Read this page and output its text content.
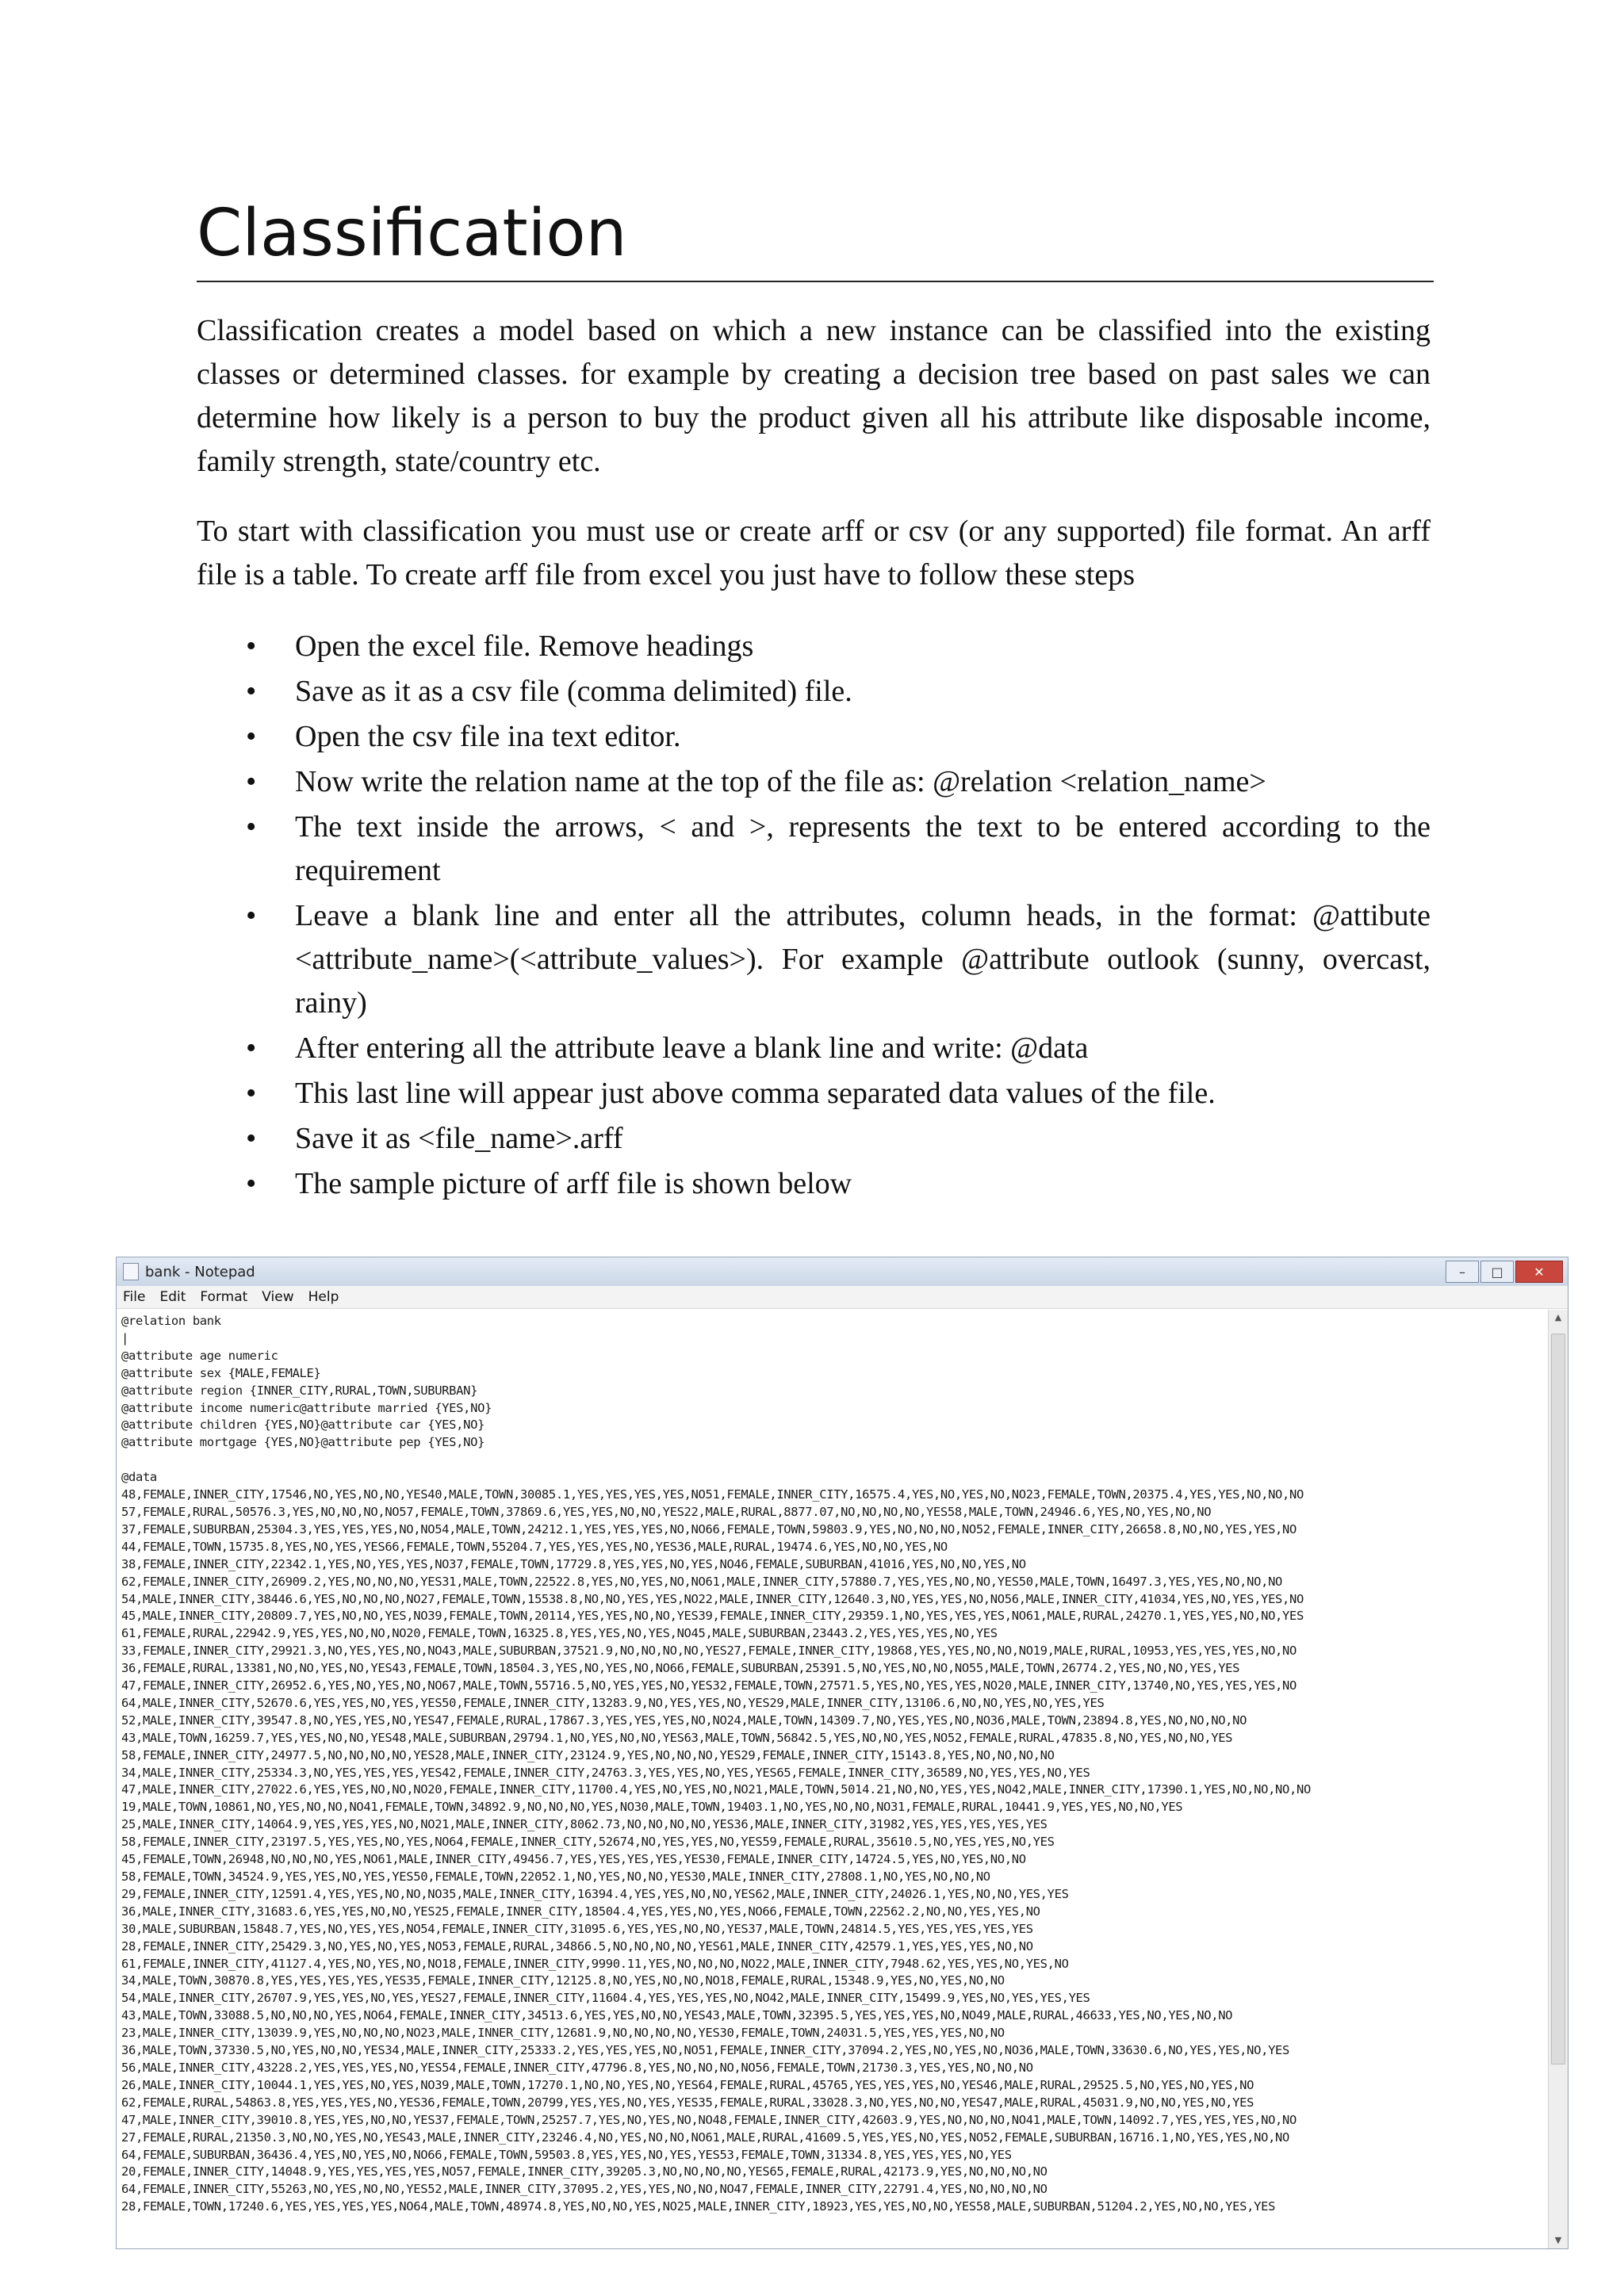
Classification

Classification creates a model based on which a new instance can be classified into the existing classes or determined classes. for example by creating a decision tree based on past sales we can determine how likely is a person to buy the product given all his attribute like disposable income, family strength, state/country etc.

To start with classification you must use or create arff or csv (or any supported) file format. An arff file is a table. To create arff file from excel you just have to follow these steps

• Open the excel file. Remove headings
• Save as it as a csv file (comma delimited) file.
• Open the csv file ina text editor.
• Now write the relation name at the top of the file as: @relation <relation_name>
• The text inside the arrows, < and >, represents the text to be entered according to the requirement
• Leave a blank line and enter all the attributes, column heads, in the format: @attibute <attribute_name>(<attribute_values>). For example @attribute outlook (sunny, overcast, rainy)
• After entering all the attribute leave a blank line and write: @data
• This last line will appear just above comma separated data values of the file.
• Save it as <file_name>.arff
• The sample picture of arff file is shown below
bank - Notepad	–	□	✕
File Edit Format View Help
@relation bank
|
@attribute age numeric
@attribute sex {MALE,FEMALE}
@attribute region {INNER_CITY,RURAL,TOWN,SUBURBAN}
@attribute income numeric@attribute married {YES,NO}
@attribute children {YES,NO}@attribute car {YES,NO}
@attribute mortgage {YES,NO}@attribute pep {YES,NO}

@data
48,FEMALE,INNER_CITY,17546,NO,YES,NO,NO,YES40,MALE,TOWN,30085.1,YES,YES,YES,YES,NO51,FEMALE,INNER_CITY,16575.4,YES,NO,YES,NO,NO23,FEMALE,TOWN,20375.4,YES,YES,NO,NO,NO
57,FEMALE,RURAL,50576.3,YES,NO,NO,NO,NO57,FEMALE,TOWN,37869.6,YES,YES,NO,NO,YES22,MALE,RURAL,8877.07,NO,NO,NO,NO,YES58,MALE,TOWN,24946.6,YES,NO,YES,NO,NO
37,FEMALE,SUBURBAN,25304.3,YES,YES,YES,NO,NO54,MALE,TOWN,24212.1,YES,YES,YES,NO,NO66,FEMALE,TOWN,59803.9,YES,NO,NO,NO,NO52,FEMALE,INNER_CITY,26658.8,NO,NO,YES,YES,NO
44,FEMALE,TOWN,15735.8,YES,NO,YES,YES66,FEMALE,TOWN,55204.7,YES,YES,YES,NO,YES36,MALE,RURAL,19474.6,YES,NO,NO,YES,NO
38,FEMALE,INNER_CITY,22342.1,YES,NO,YES,YES,NO37,FEMALE,TOWN,17729.8,YES,YES,NO,YES,NO46,FEMALE,SUBURBAN,41016,YES,NO,NO,YES,NO
62,FEMALE,INNER_CITY,26909.2,YES,NO,NO,NO,YES31,MALE,TOWN,22522.8,YES,NO,YES,NO,NO61,MALE,INNER_CITY,57880.7,YES,YES,NO,NO,YES50,MALE,TOWN,16497.3,YES,YES,NO,NO,NO
54,MALE,INNER_CITY,38446.6,YES,NO,NO,NO,NO27,FEMALE,TOWN,15538.8,NO,NO,YES,YES,NO22,MALE,INNER_CITY,12640.3,NO,YES,YES,NO,NO56,MALE,INNER_CITY,41034,YES,NO,YES,YES,NO
45,MALE,INNER_CITY,20809.7,YES,NO,NO,YES,NO39,FEMALE,TOWN,20114,YES,YES,NO,NO,YES39,FEMALE,INNER_CITY,29359.1,NO,YES,YES,YES,NO61,MALE,RURAL,24270.1,YES,YES,NO,NO,YES
61,FEMALE,RURAL,22942.9,YES,YES,NO,NO,NO20,FEMALE,TOWN,16325.8,YES,YES,NO,YES,NO45,MALE,SUBURBAN,23443.2,YES,YES,YES,NO,YES
33,FEMALE,INNER_CITY,29921.3,NO,YES,YES,NO,NO43,MALE,SUBURBAN,37521.9,NO,NO,NO,NO,YES27,FEMALE,INNER_CITY,19868,YES,YES,NO,NO,NO19,MALE,RURAL,10953,YES,YES,YES,NO,NO
36,FEMALE,RURAL,13381,NO,NO,YES,NO,YES43,FEMALE,TOWN,18504.3,YES,NO,YES,NO,NO66,FEMALE,SUBURBAN,25391.5,NO,YES,NO,NO,NO55,MALE,TOWN,26774.2,YES,NO,NO,YES,YES
47,FEMALE,INNER_CITY,26952.6,YES,NO,YES,NO,NO67,MALE,TOWN,55716.5,NO,YES,YES,NO,YES32,FEMALE,TOWN,27571.5,YES,NO,YES,YES,NO20,MALE,INNER_CITY,13740,NO,YES,YES,YES,NO
64,MALE,INNER_CITY,52670.6,YES,YES,NO,YES,YES50,FEMALE,INNER_CITY,13283.9,NO,YES,YES,NO,YES29,MALE,INNER_CITY,13106.6,NO,NO,YES,NO,YES,YES
52,MALE,INNER_CITY,39547.8,NO,YES,YES,NO,YES47,FEMALE,RURAL,17867.3,YES,YES,YES,NO,NO24,MALE,TOWN,14309.7,NO,YES,YES,NO,NO36,MALE,TOWN,23894.8,YES,NO,NO,NO,NO
43,MALE,TOWN,16259.7,YES,YES,NO,NO,YES48,MALE,SUBURBAN,29794.1,NO,YES,NO,NO,YES63,MALE,TOWN,56842.5,YES,NO,NO,YES,NO52,FEMALE,RURAL,47835.8,NO,YES,NO,NO,YES
58,FEMALE,INNER_CITY,24977.5,NO,NO,NO,NO,YES28,MALE,INNER_CITY,23124.9,YES,NO,NO,NO,YES29,FEMALE,INNER_CITY,15143.8,YES,NO,NO,NO,NO
34,MALE,INNER_CITY,25334.3,NO,YES,YES,YES,YES42,FEMALE,INNER_CITY,24763.3,YES,YES,NO,YES,YES65,FEMALE,INNER_CITY,36589,NO,YES,YES,NO,YES
47,MALE,INNER_CITY,27022.6,YES,YES,NO,NO,NO20,FEMALE,INNER_CITY,11700.4,YES,NO,YES,NO,NO21,MALE,TOWN,5014.21,NO,NO,YES,YES,NO42,MALE,INNER_CITY,17390.1,YES,NO,NO,NO,NO
19,MALE,TOWN,10861,NO,YES,NO,NO,NO41,FEMALE,TOWN,34892.9,NO,NO,NO,YES,NO30,MALE,TOWN,19403.1,NO,YES,NO,NO,NO31,FEMALE,RURAL,10441.9,YES,YES,NO,NO,YES
25,MALE,INNER_CITY,14064.9,YES,YES,YES,NO,NO21,MALE,INNER_CITY,8062.73,NO,NO,NO,NO,YES36,MALE,INNER_CITY,31982,YES,YES,YES,YES,YES
58,FEMALE,INNER_CITY,23197.5,YES,YES,NO,YES,NO64,FEMALE,INNER_CITY,52674,NO,YES,YES,NO,YES59,FEMALE,RURAL,35610.5,NO,YES,YES,NO,YES
45,FEMALE,TOWN,26948,NO,NO,NO,YES,NO61,MALE,INNER_CITY,49456.7,YES,YES,YES,YES,YES30,FEMALE,INNER_CITY,14724.5,YES,NO,YES,NO,NO
58,FEMALE,TOWN,34524.9,YES,YES,NO,YES,YES50,FEMALE,TOWN,22052.1,NO,YES,NO,NO,YES30,MALE,INNER_CITY,27808.1,NO,YES,NO,NO,NO
29,FEMALE,INNER_CITY,12591.4,YES,YES,NO,NO,NO35,MALE,INNER_CITY,16394.4,YES,YES,NO,NO,YES62,MALE,INNER_CITY,24026.1,YES,NO,NO,YES,YES
36,MALE,INNER_CITY,31683.6,YES,YES,NO,NO,YES25,FEMALE,INNER_CITY,18504.4,YES,YES,NO,YES,NO66,FEMALE,TOWN,22562.2,NO,NO,YES,YES,NO
30,MALE,SUBURBAN,15848.7,YES,NO,YES,YES,NO54,FEMALE,INNER_CITY,31095.6,YES,YES,NO,NO,YES37,MALE,TOWN,24814.5,YES,YES,YES,YES,YES
28,FEMALE,INNER_CITY,25429.3,NO,YES,NO,YES,NO53,FEMALE,RURAL,34866.5,NO,NO,NO,NO,YES61,MALE,INNER_CITY,42579.1,YES,YES,YES,NO,NO
61,FEMALE,INNER_CITY,41127.4,YES,NO,YES,NO,NO18,FEMALE,INNER_CITY,9990.11,YES,NO,NO,NO,NO22,MALE,INNER_CITY,7948.62,YES,YES,NO,YES,NO
34,MALE,TOWN,30870.8,YES,YES,YES,YES,YES35,FEMALE,INNER_CITY,12125.8,NO,YES,NO,NO,NO18,FEMALE,RURAL,15348.9,YES,NO,YES,NO,NO
54,MALE,INNER_CITY,26707.9,YES,YES,NO,YES,YES27,FEMALE,INNER_CITY,11604.4,YES,YES,YES,NO,NO42,MALE,INNER_CITY,15499.9,YES,NO,YES,YES,YES
43,MALE,TOWN,33088.5,NO,NO,NO,YES,NO64,FEMALE,INNER_CITY,34513.6,YES,YES,NO,NO,YES43,MALE,TOWN,32395.5,YES,YES,YES,NO,NO49,MALE,RURAL,46633,YES,NO,YES,NO,NO
23,MALE,INNER_CITY,13039.9,YES,NO,NO,NO,NO23,MALE,INNER_CITY,12681.9,NO,NO,NO,NO,YES30,FEMALE,TOWN,24031.5,YES,YES,YES,NO,NO
36,MALE,TOWN,37330.5,NO,YES,NO,NO,YES34,MALE,INNER_CITY,25333.2,YES,YES,YES,NO,NO51,FEMALE,INNER_CITY,37094.2,YES,NO,YES,NO,NO36,MALE,TOWN,33630.6,NO,YES,YES,NO,YES
56,MALE,INNER_CITY,43228.2,YES,YES,YES,NO,YES54,FEMALE,INNER_CITY,47796.8,YES,NO,NO,NO,NO56,FEMALE,TOWN,21730.3,YES,YES,NO,NO,NO
26,MALE,INNER_CITY,10044.1,YES,YES,NO,YES,NO39,MALE,TOWN,17270.1,NO,NO,YES,NO,YES64,FEMALE,RURAL,45765,YES,YES,YES,NO,YES46,MALE,RURAL,29525.5,NO,YES,NO,YES,NO
62,FEMALE,RURAL,54863.8,YES,YES,YES,NO,YES36,FEMALE,TOWN,20799,YES,YES,NO,YES,YES35,FEMALE,RURAL,33028.3,NO,YES,NO,NO,YES47,MALE,RURAL,45031.9,NO,NO,YES,NO,YES
47,MALE,INNER_CITY,39010.8,YES,YES,NO,NO,YES37,FEMALE,TOWN,25257.7,YES,NO,YES,NO,NO48,FEMALE,INNER_CITY,42603.9,YES,NO,NO,NO,NO41,MALE,TOWN,14092.7,YES,YES,YES,NO,NO
27,FEMALE,RURAL,21350.3,NO,NO,YES,NO,YES43,MALE,INNER_CITY,23246.4,NO,YES,NO,NO,NO61,MALE,RURAL,41609.5,YES,YES,NO,YES,NO52,FEMALE,SUBURBAN,16716.1,NO,YES,YES,NO,NO
64,FEMALE,SUBURBAN,36436.4,YES,NO,YES,NO,NO66,FEMALE,TOWN,59503.8,YES,YES,NO,YES,YES53,FEMALE,TOWN,31334.8,YES,YES,YES,NO,YES
20,FEMALE,INNER_CITY,14048.9,YES,YES,YES,YES,NO57,FEMALE,INNER_CITY,39205.3,NO,NO,NO,NO,YES65,FEMALE,RURAL,42173.9,YES,NO,NO,NO,NO
64,FEMALE,INNER_CITY,55263,NO,YES,NO,NO,YES52,MALE,INNER_CITY,37095.2,YES,YES,NO,NO,NO47,FEMALE,INNER_CITY,22791.4,YES,NO,NO,NO,NO
28,FEMALE,TOWN,17240.6,YES,YES,YES,YES,NO64,MALE,TOWN,48974.8,YES,NO,NO,YES,NO25,MALE,INNER_CITY,18923,YES,YES,NO,NO,YES58,MALE,SUBURBAN,51204.2,YES,NO,NO,YES,YES
▲
▼
